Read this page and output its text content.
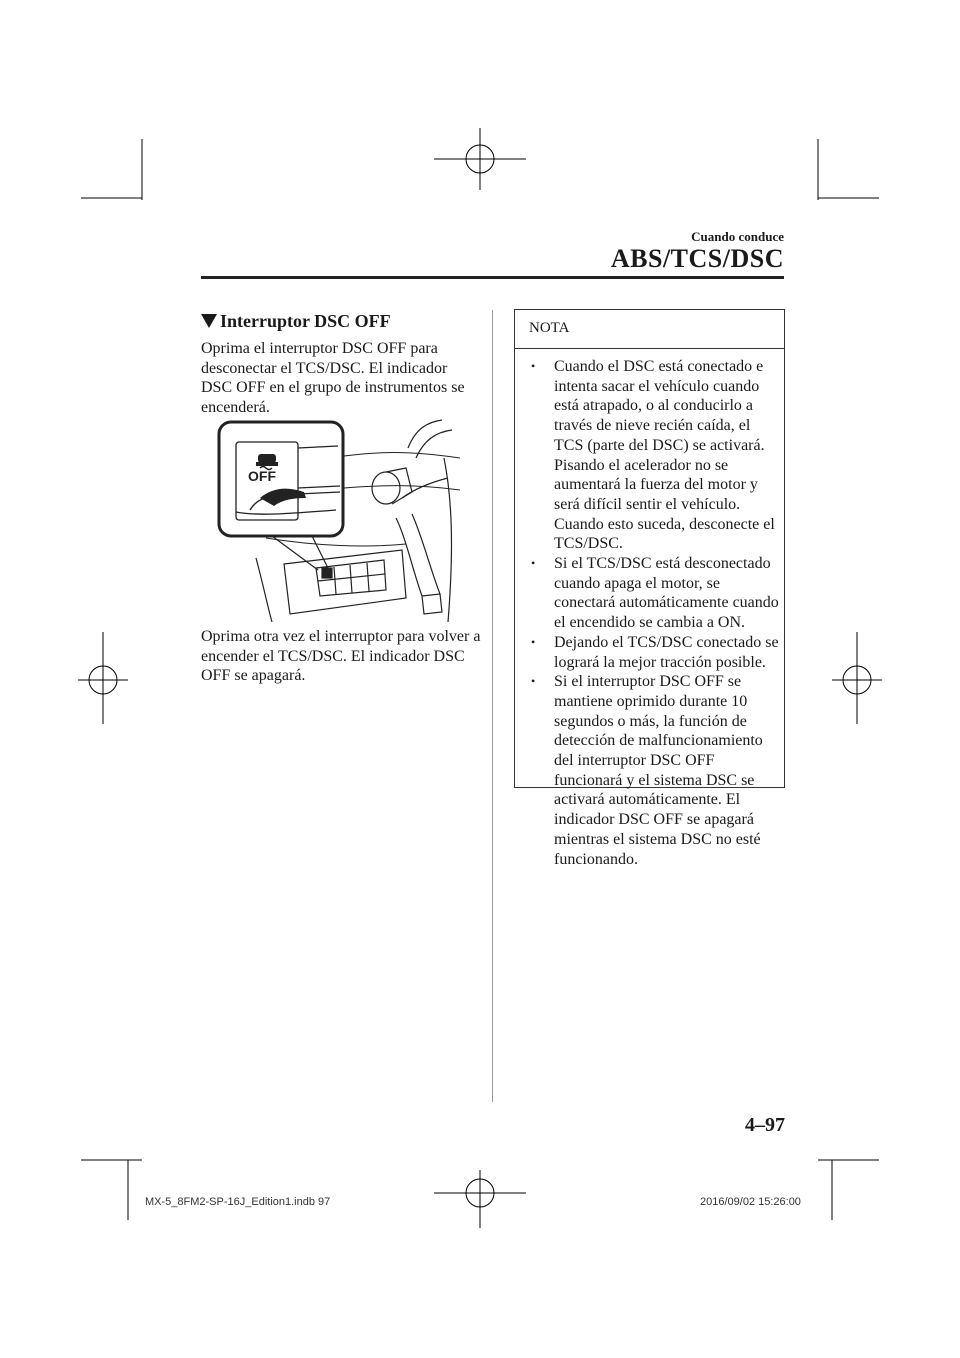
Cuando conduce
ABS/TCS/DSC
Interruptor DSC OFF
Oprima el interruptor DSC OFF para desconectar el TCS/DSC. El indicador DSC OFF en el grupo de instrumentos se encenderá.
OFF
Oprima otra vez el interruptor para volver a encender el TCS/DSC. El indicador DSC OFF se apagará.
NOTA
• Cuando el DSC está conectado e intenta sacar el vehículo cuando está atrapado, o al conducirlo a través de nieve recién caída, el TCS (parte del DSC) se activará. Pisando el acelerador no se aumentará la fuerza del motor y será difícil sentir el vehículo. Cuando esto suceda, desconecte el TCS/DSC.
• Si el TCS/DSC está desconectado cuando apaga el motor, se conectará automáticamente cuando el encendido se cambia a ON.
• Dejando el TCS/DSC conectado se logrará la mejor tracción posible.
• Si el interruptor DSC OFF se mantiene oprimido durante 10 segundos o más, la función de detección de malfuncionamiento del interruptor DSC OFF funcionará y el sistema DSC se activará automáticamente. El indicador DSC OFF se apagará mientras el sistema DSC no esté funcionando.
4–97
MX-5_8FM2-SP-16J_Edition1.indb 97	2016/09/02 15:26:00
